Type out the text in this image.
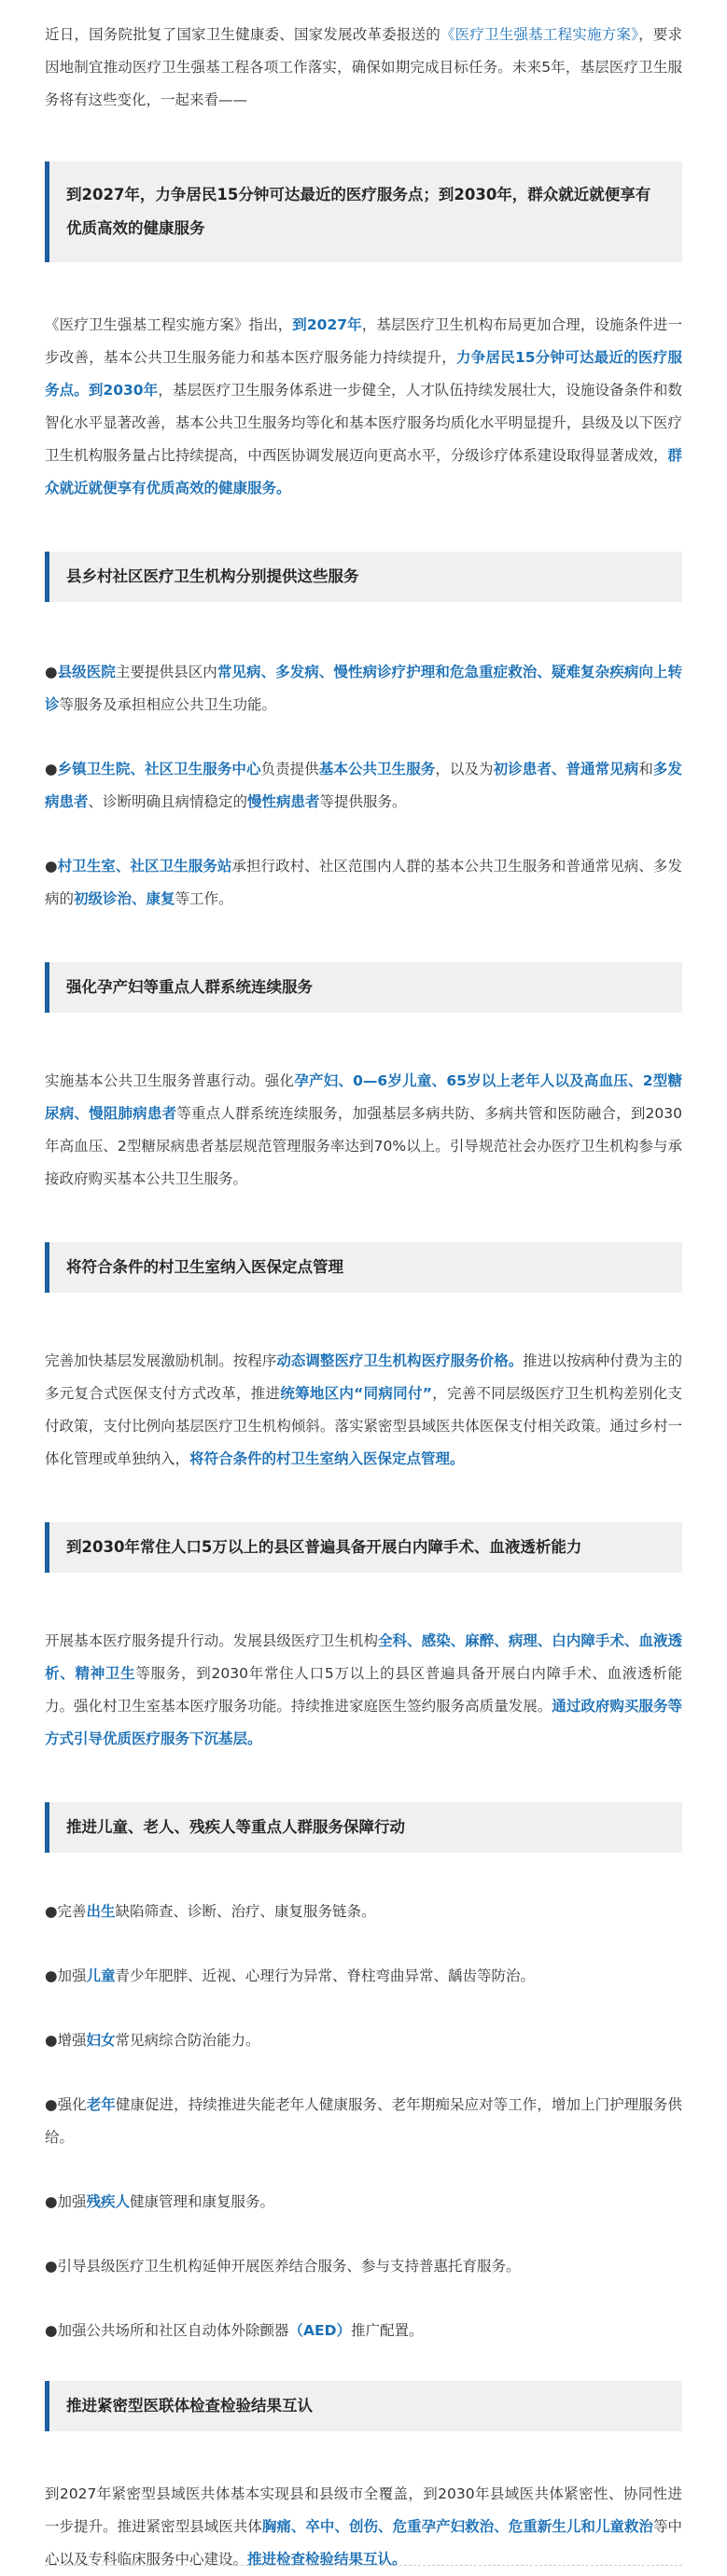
近日，国务院批复了国家卫生健康委、国家发展改革委报送的《医疗卫生强基工程实施方案》，要求因地制宜推动医疗卫生强基工程各项工作落实，确保如期完成目标任务。未来5年，基层医疗卫生服务将有这些变化，一起来看——

到2027年，力争居民15分钟可达最近的医疗服务点；到2030年，群众就近就便享有优质高效的健康服务

《医疗卫生强基工程实施方案》指出，到2027年，基层医疗卫生机构布局更加合理，设施条件进一步改善，基本公共卫生服务能力和基本医疗服务能力持续提升，力争居民15分钟可达最近的医疗服务点。到2030年，基层医疗卫生服务体系进一步健全，人才队伍持续发展壮大，设施设备条件和数智化水平显著改善，基本公共卫生服务均等化和基本医疗服务均质化水平明显提升，县级及以下医疗卫生机构服务量占比持续提高，中西医协调发展迈向更高水平，分级诊疗体系建设取得显著成效，群众就近就便享有优质高效的健康服务。

县乡村社区医疗卫生机构分别提供这些服务

●县级医院主要提供县区内常见病、多发病、慢性病诊疗护理和危急重症救治、疑难复杂疾病向上转诊等服务及承担相应公共卫生功能。

●乡镇卫生院、社区卫生服务中心负责提供基本公共卫生服务，以及为初诊患者、普通常见病和多发病患者、诊断明确且病情稳定的慢性病患者等提供服务。

●村卫生室、社区卫生服务站承担行政村、社区范围内人群的基本公共卫生服务和普通常见病、多发病的初级诊治、康复等工作。

强化孕产妇等重点人群系统连续服务

实施基本公共卫生服务普惠行动。强化孕产妇、0—6岁儿童、65岁以上老年人以及高血压、2型糖尿病、慢阻肺病患者等重点人群系统连续服务，加强基层多病共防、多病共管和医防融合，到2030年高血压、2型糖尿病患者基层规范管理服务率达到70%以上。引导规范社会办医疗卫生机构参与承接政府购买基本公共卫生服务。

将符合条件的村卫生室纳入医保定点管理

完善加快基层发展激励机制。按程序动态调整医疗卫生机构医疗服务价格。推进以按病种付费为主的多元复合式医保支付方式改革，推进统筹地区内“同病同付”，完善不同层级医疗卫生机构差别化支付政策，支付比例向基层医疗卫生机构倾斜。落实紧密型县域医共体医保支付相关政策。通过乡村一体化管理或单独纳入，将符合条件的村卫生室纳入医保定点管理。

到2030年常住人口5万以上的县区普遍具备开展白内障手术、血液透析能力

开展基本医疗服务提升行动。发展县级医疗卫生机构全科、感染、麻醉、病理、白内障手术、血液透析、精神卫生等服务，到2030年常住人口5万以上的县区普遍具备开展白内障手术、血液透析能力。强化村卫生室基本医疗服务功能。持续推进家庭医生签约服务高质量发展。通过政府购买服务等方式引导优质医疗服务下沉基层。

推进儿童、老人、残疾人等重点人群服务保障行动

●完善出生缺陷筛查、诊断、治疗、康复服务链条。

●加强儿童青少年肥胖、近视、心理行为异常、脊柱弯曲异常、龋齿等防治。

●增强妇女常见病综合防治能力。

●强化老年健康促进，持续推进失能老年人健康服务、老年期痴呆应对等工作，增加上门护理服务供给。

●加强残疾人健康管理和康复服务。

●引导县级医疗卫生机构延伸开展医养结合服务、参与支持普惠托育服务。

●加强公共场所和社区自动体外除颤器（AED）推广配置。

推进紧密型医联体检查检验结果互认

到2027年紧密型县域医共体基本实现县和县级市全覆盖，到2030年县域医共体紧密性、协同性进一步提升。推进紧密型县域医共体胸痛、卒中、创伤、危重孕产妇救治、危重新生儿和儿童救治等中心以及专科临床服务中心建设。推进检查检验结果互认。
